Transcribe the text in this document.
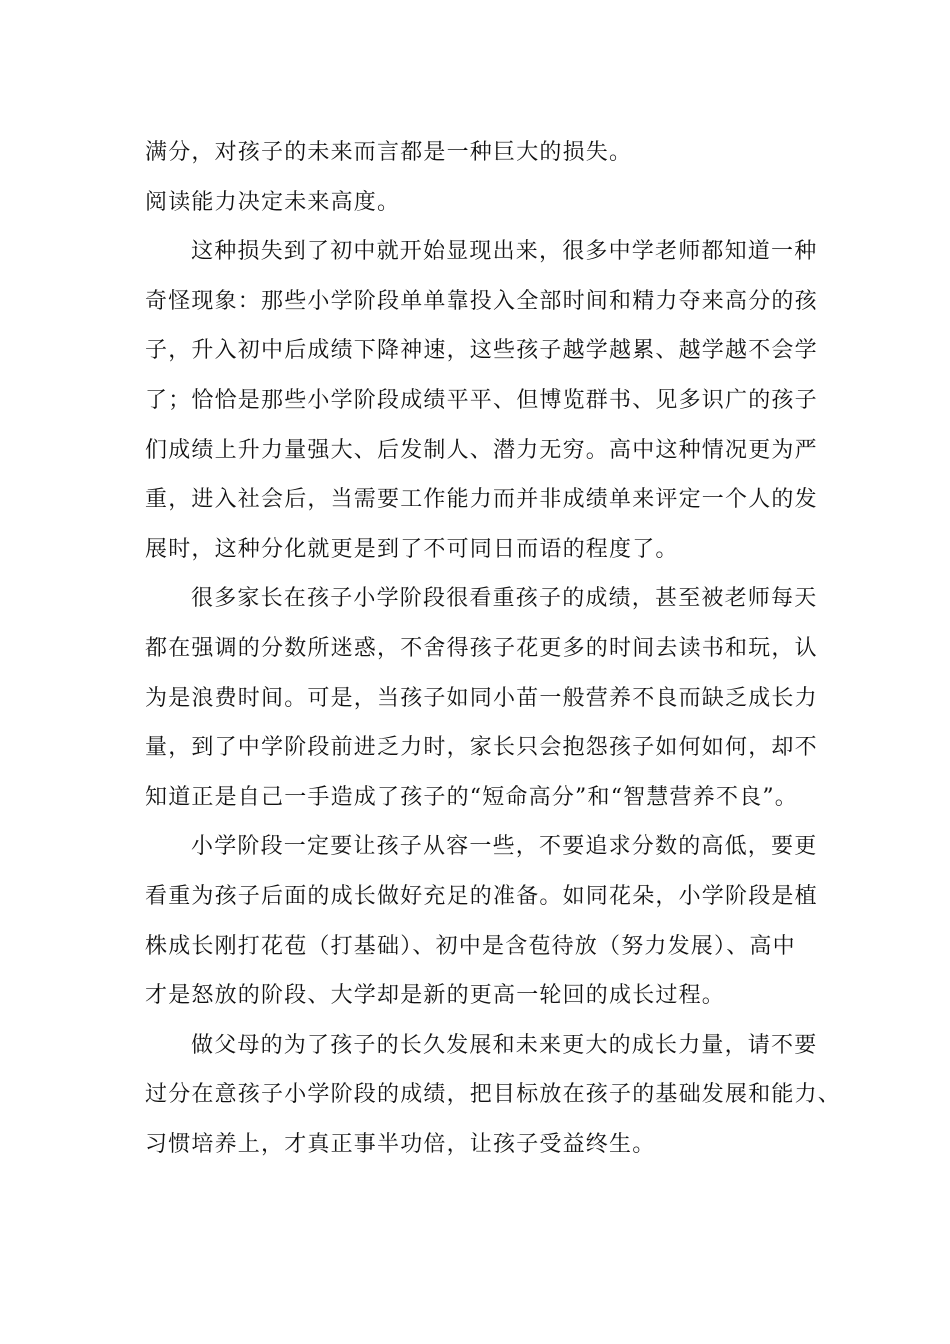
满分，对孩子的未来而言都是一种巨大的损失。
阅读能力决定未来高度。
这种损失到了初中就开始显现出来，很多中学老师都知道一种
奇怪现象：那些小学阶段单单靠投入全部时间和精力夺来高分的孩
子，升入初中后成绩下降神速，这些孩子越学越累、越学越不会学
了；恰恰是那些小学阶段成绩平平、但博览群书、见多识广的孩子
们成绩上升力量强大、后发制人、潜力无穷。高中这种情况更为严
重，进入社会后，当需要工作能力而并非成绩单来评定一个人的发
展时，这种分化就更是到了不可同日而语的程度了。
很多家长在孩子小学阶段很看重孩子的成绩，甚至被老师每天
都在强调的分数所迷惑，不舍得孩子花更多的时间去读书和玩，认
为是浪费时间。可是，当孩子如同小苗一般营养不良而缺乏成长力
量，到了中学阶段前进乏力时，家长只会抱怨孩子如何如何，却不
知道正是自己一手造成了孩子的“短命高分”和“智慧营养不良”。
小学阶段一定要让孩子从容一些，不要追求分数的高低，要更
看重为孩子后面的成长做好充足的准备。如同花朵，小学阶段是植
株成长刚打花苞（打基础）、初中是含苞待放（努力发展）、高中
才是怒放的阶段、大学却是新的更高一轮回的成长过程。
做父母的为了孩子的长久发展和未来更大的成长力量，请不要
过分在意孩子小学阶段的成绩，把目标放在孩子的基础发展和能力、
习惯培养上，才真正事半功倍，让孩子受益终生。
